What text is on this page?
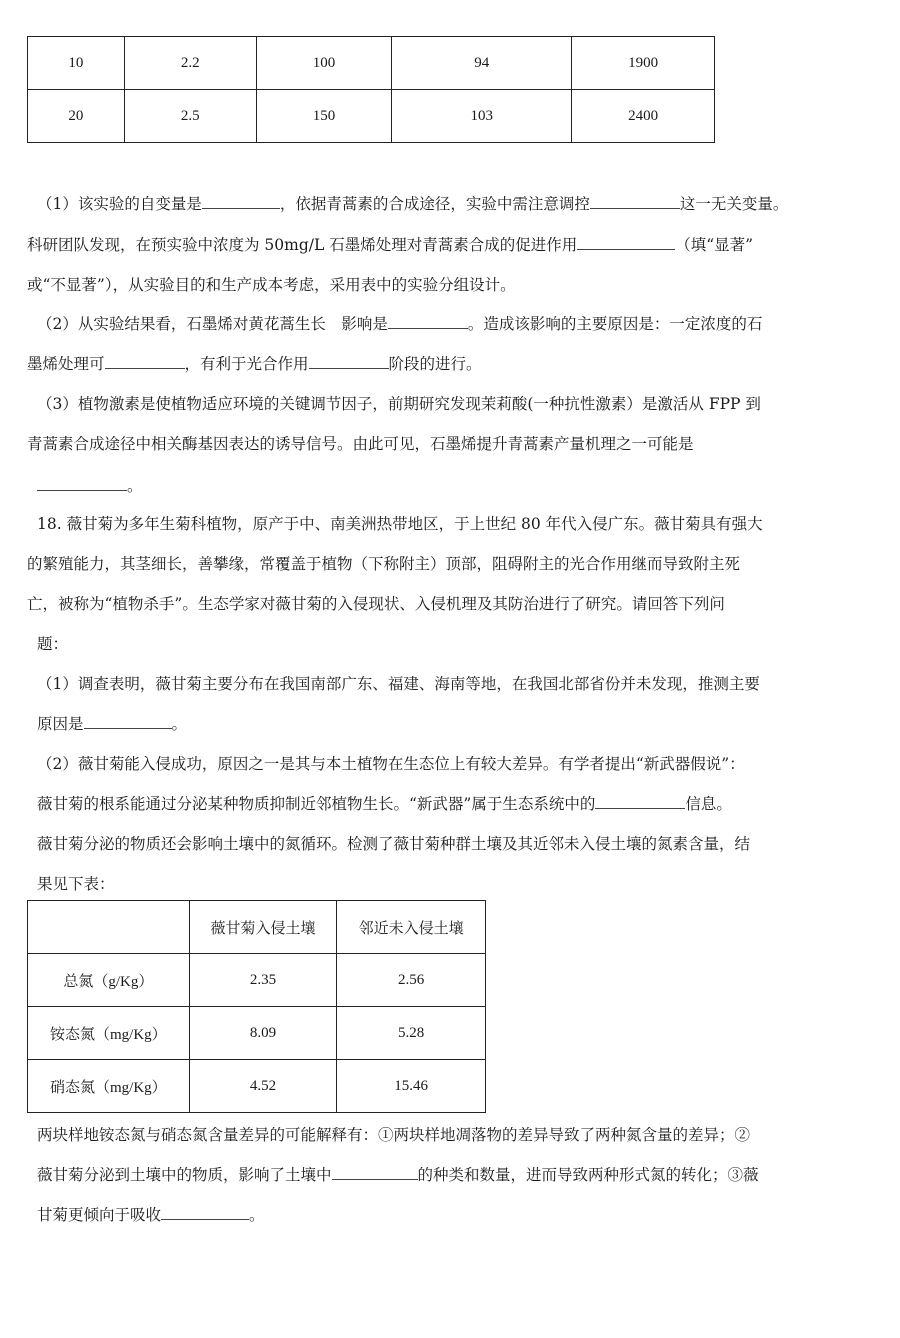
10	2.2	100	94	1900
20	2.5	150	103	2400
（1）该实验的自变量是	，依据青蒿素的合成途径，实验中需注意调控	这一无关变量。
科研团队发现，在预实验中浓度为 50mg/L 石墨烯处理对青蒿素合成的促进作用	（填“显著”
或“不显著”），从实验目的和生产成本考虑，采用表中的实验分组设计。
（2）从实验结果看，石墨烯对黄花蒿生长　影响是	。造成该影响的主要原因是：一定浓度的石
墨烯处理可	，有利于光合作用	阶段的进行。
（3）植物激素是使植物适应环境的关键调节因子，前期研究发现茉莉酸(一种抗性激素）是激活从 FPP 到
青蒿素合成途径中相关酶基因表达的诱导信号。由此可见，石墨烯提升青蒿素产量机理之一可能是
。
18. 薇甘菊为多年生菊科植物，原产于中、南美洲热带地区，于上世纪 80 年代入侵广东。薇甘菊具有强大
的繁殖能力，其茎细长，善攀缘，常覆盖于植物（下称附主）顶部，阻碍附主的光合作用继而导致附主死
亡，被称为“植物杀手”。生态学家对薇甘菊的入侵现状、入侵机理及其防治进行了研究。请回答下列问
题：
（1）调查表明，薇甘菊主要分布在我国南部广东、福建、海南等地，在我国北部省份并未发现，推测主要
原因是	。
（2）薇甘菊能入侵成功，原因之一是其与本土植物在生态位上有较大差异。有学者提出“新武器假说”：
薇甘菊的根系能通过分泌某种物质抑制近邻植物生长。“新武器”属于生态系统中的	信息。
薇甘菊分泌的物质还会影响土壤中的氮循环。检测了薇甘菊种群土壤及其近邻未入侵土壤的氮素含量，结
果见下表：
	薇甘菊入侵土壤	邻近未入侵土壤
总氮（g/Kg）	2.35	2.56
铵态氮（mg/Kg）	8.09	5.28
硝态氮（mg/Kg）	4.52	15.46
两块样地铵态氮与硝态氮含量差异的可能解释有：①两块样地凋落物的差异导致了两种氮含量的差异；②
薇甘菊分泌到土壤中的物质，影响了土壤中	的种类和数量，进而导致两种形式氮的转化；③薇
甘菊更倾向于吸收	。
